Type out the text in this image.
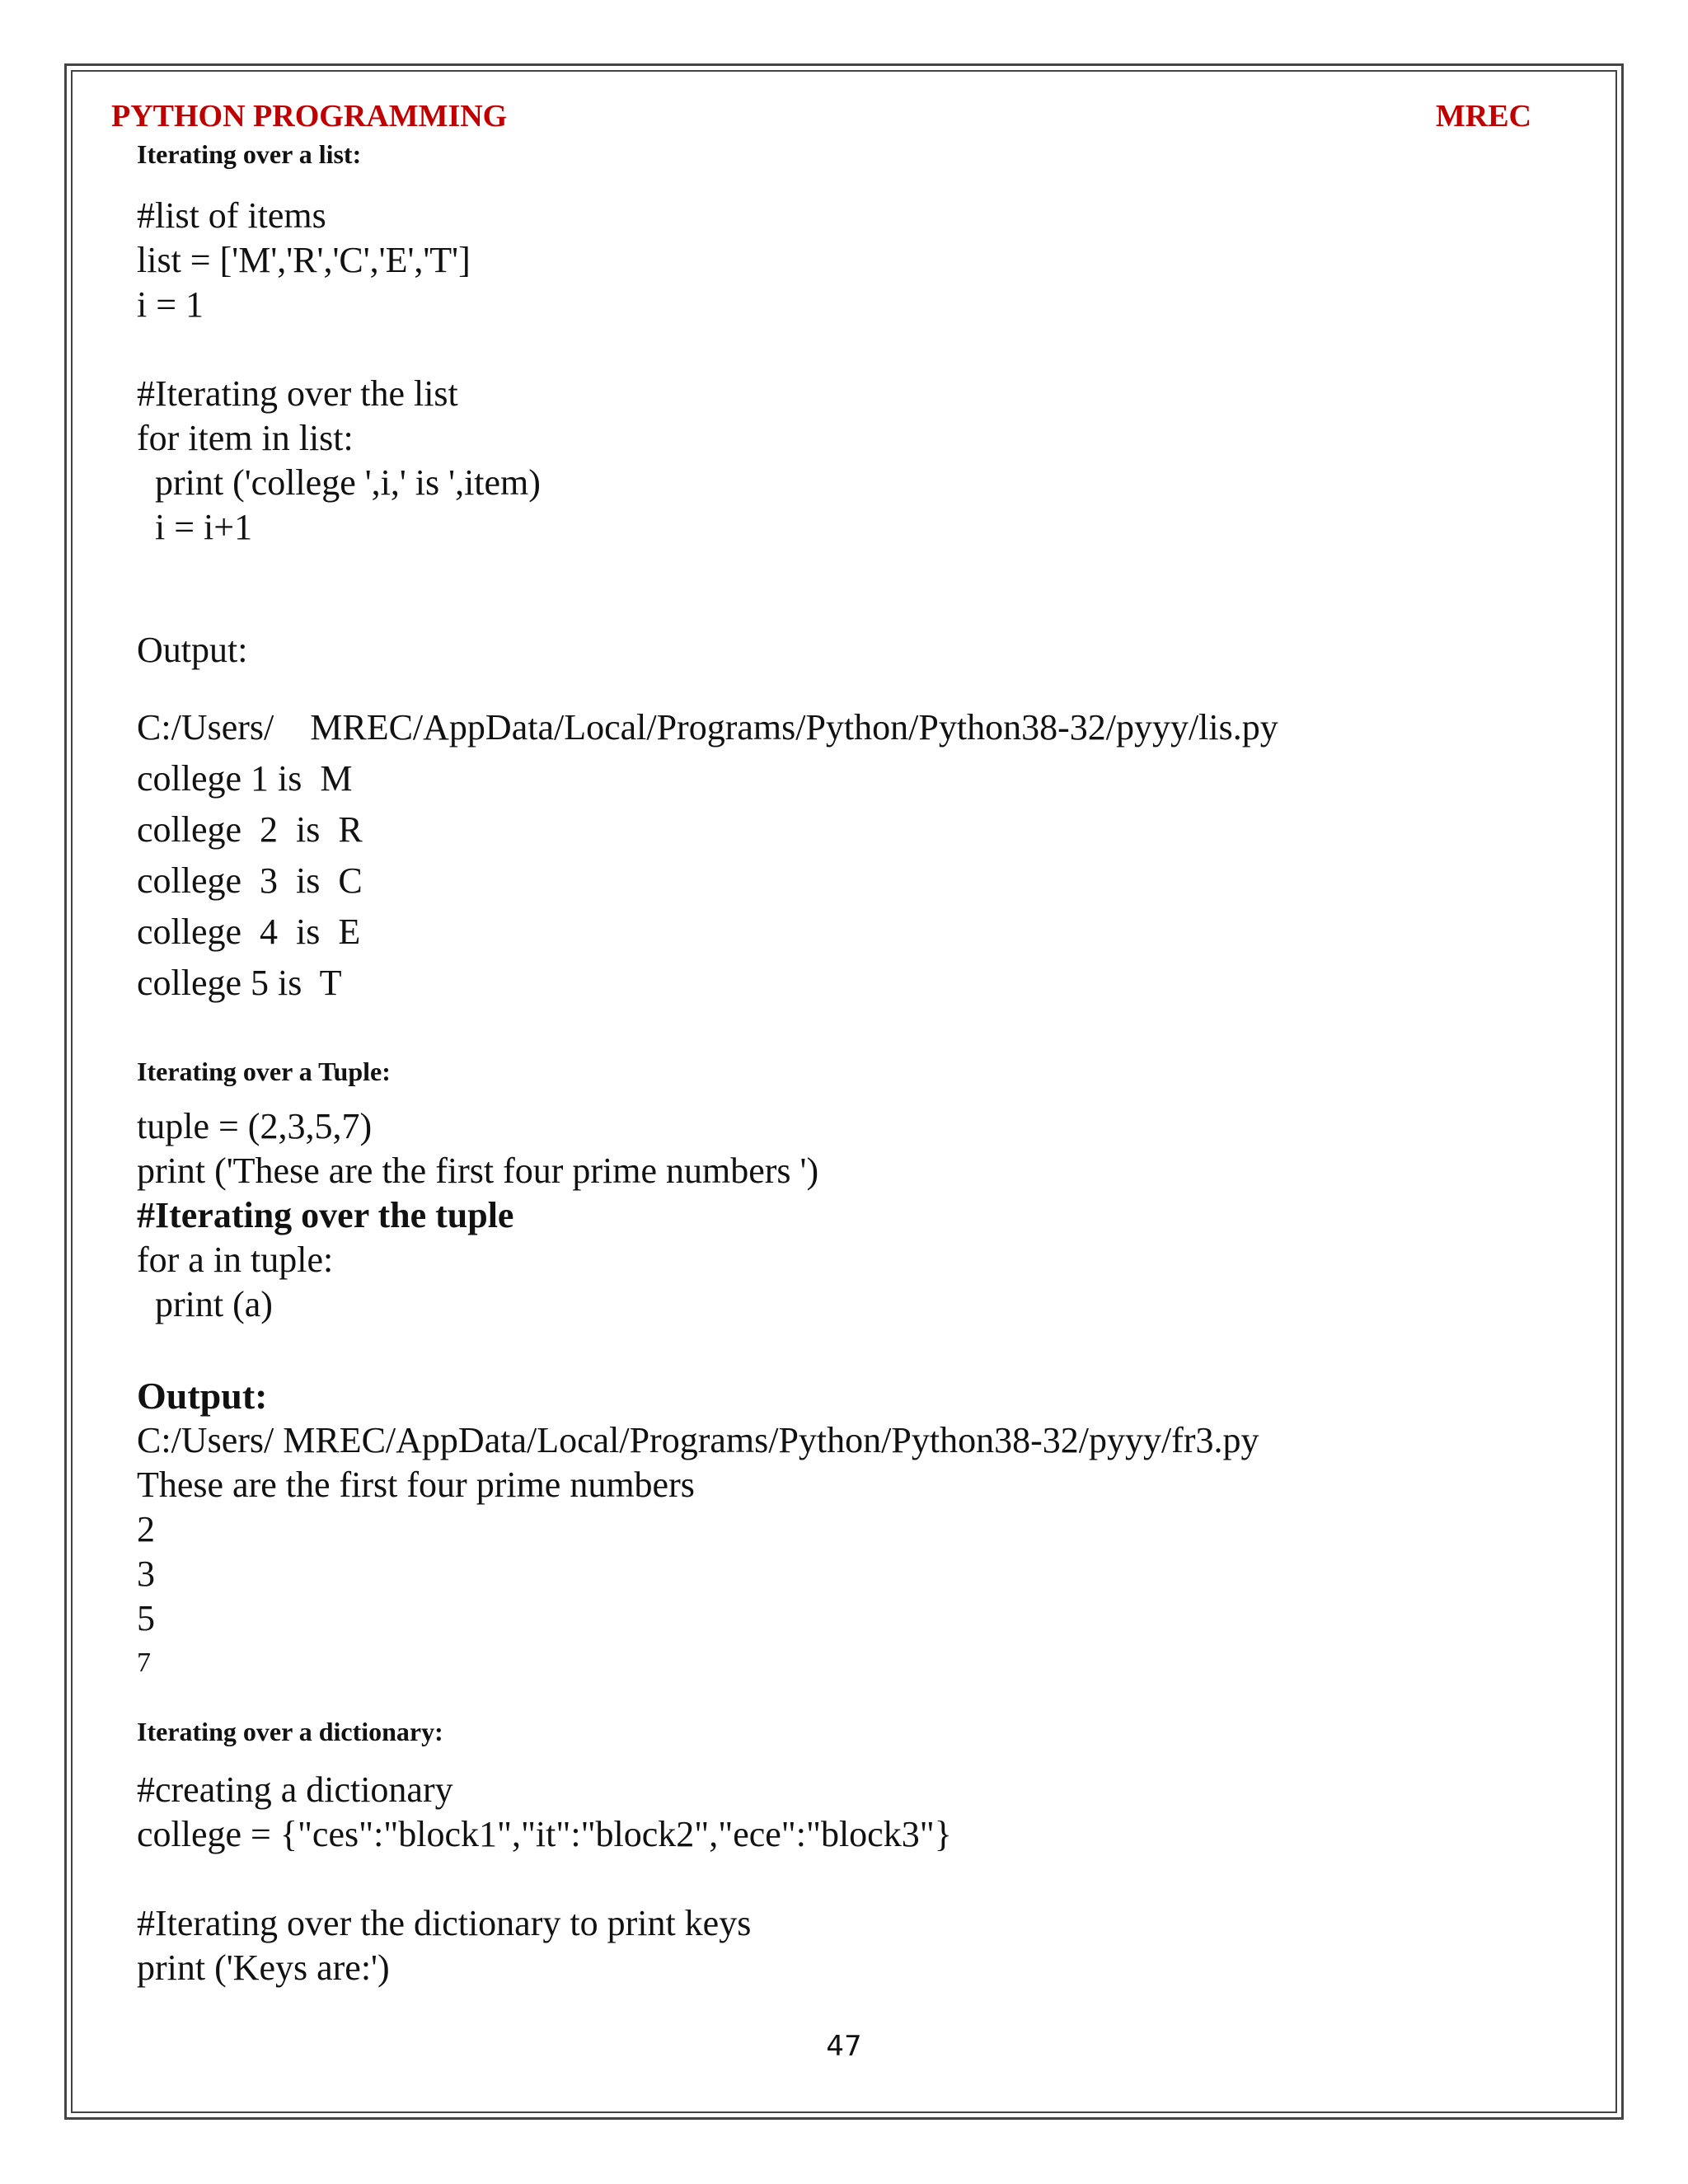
PYTHON PROGRAMMING	MREC
Iterating over a list:
#list of items
list = ['M','R','C','E','T']
i = 1
#Iterating over the list
for item in list:
print ('college ',i,' is ',item)
i = i+1
Output:
C:/Users/    MREC/AppData/Local/Programs/Python/Python38-32/pyyy/lis.py
college 1 is  M
college  2  is  R
college  3  is  C
college  4  is  E
college 5 is  T
Iterating over a Tuple:
tuple = (2,3,5,7)
print ('These are the first four prime numbers ')
#Iterating over the tuple
for a in tuple:
print (a)
Output:
C:/Users/ MREC/AppData/Local/Programs/Python/Python38-32/pyyy/fr3.py
These are the first four prime numbers
2
3
5
7
Iterating over a dictionary:
#creating a dictionary
college = {"ces":"block1","it":"block2","ece":"block3"}
#Iterating over the dictionary to print keys
print ('Keys are:')
47
